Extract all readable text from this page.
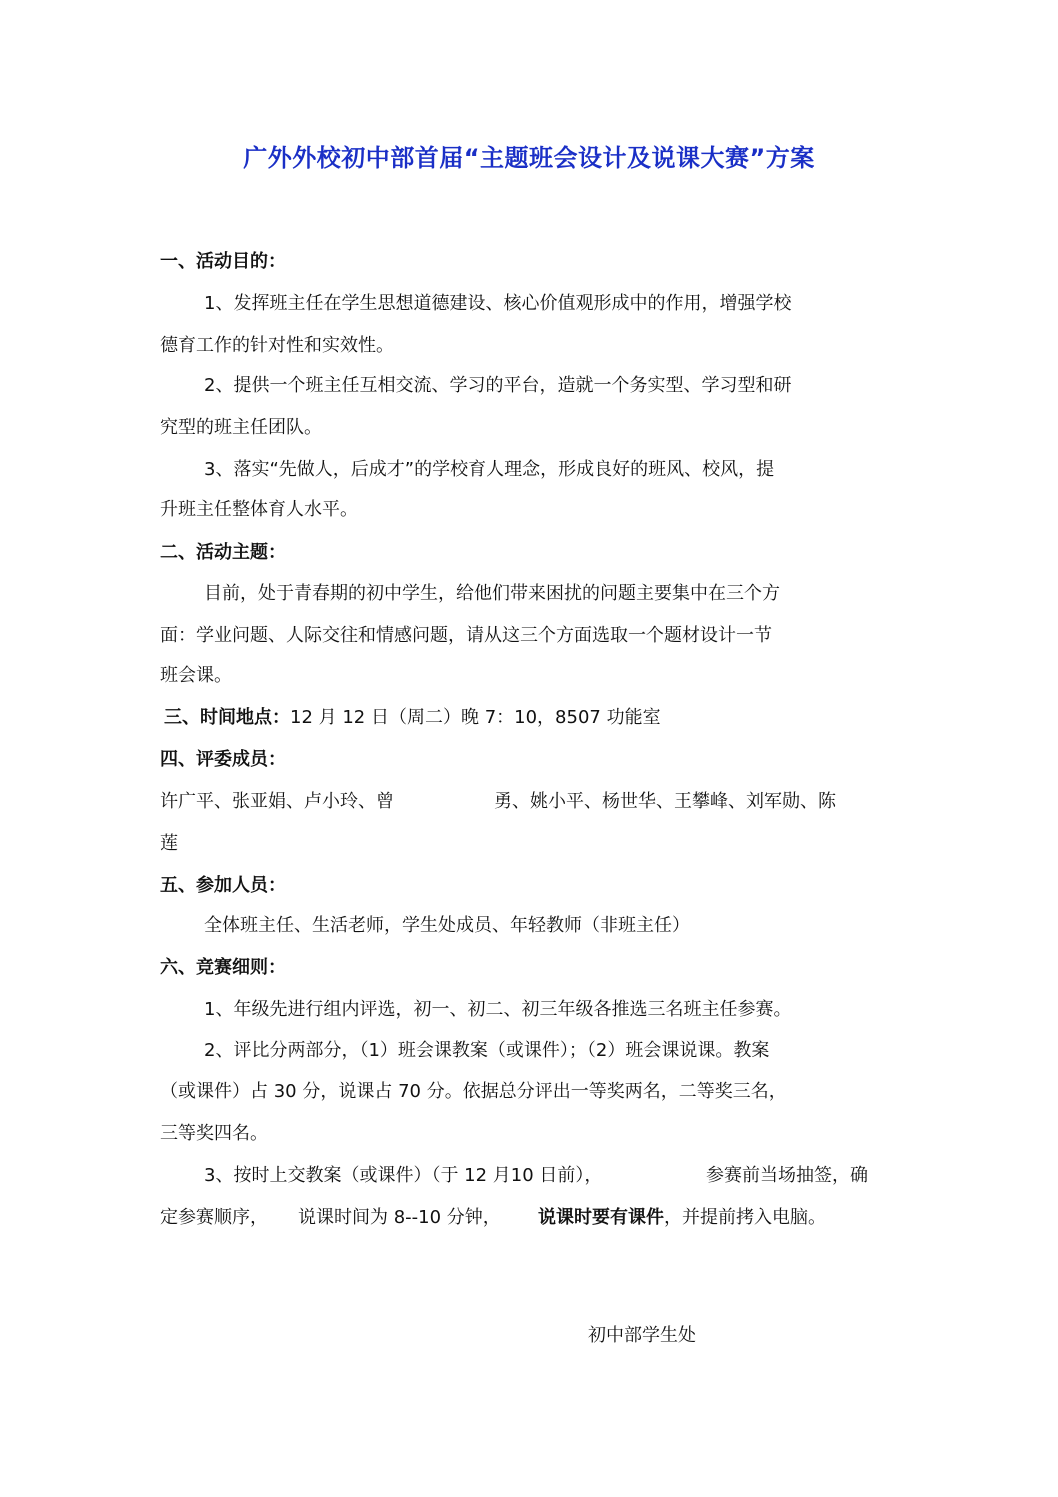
广外外校初中部首届“主题班会设计及说课大赛”方案
一、活动目的：
1、发挥班主任在学生思想道德建设、核心价值观形成中的作用，增强学校
德育工作的针对性和实效性。
2、提供一个班主任互相交流、学习的平台，造就一个务实型、学习型和研
究型的班主任团队。
3、落实“先做人，后成才”的学校育人理念，形成良好的班风、校风，提
升班主任整体育人水平。
二、活动主题：
目前，处于青春期的初中学生，给他们带来困扰的问题主要集中在三个方
面：学业问题、人际交往和情感问题，请从这三个方面选取一个题材设计一节
班会课。
三、时间地点：12 月 12 日（周二）晚 7：10，8507 功能室
四、评委成员：
许广平、张亚娟、卢小玲、曾	勇、姚小平、杨世华、王攀峰、刘军勋、陈
莲
五、参加人员：
全体班主任、生活老师，学生处成员、年轻教师（非班主任）
六、竞赛细则：
1、年级先进行组内评选，初一、初二、初三年级各推选三名班主任参赛。
2、评比分两部分，（1）班会课教案（或课件）；（2）班会课说课。教案
（或课件）占 30 分，说课占 70 分。依据总分评出一等奖两名，二等奖三名，
三等奖四名。
3、按时上交教案（或课件）（于 12 月10 日前），	参赛前当场抽签，确
定参赛顺序， 说课时间为 8--10 分钟， 说课时要有课件，并提前拷入电脑。
初中部学生处
